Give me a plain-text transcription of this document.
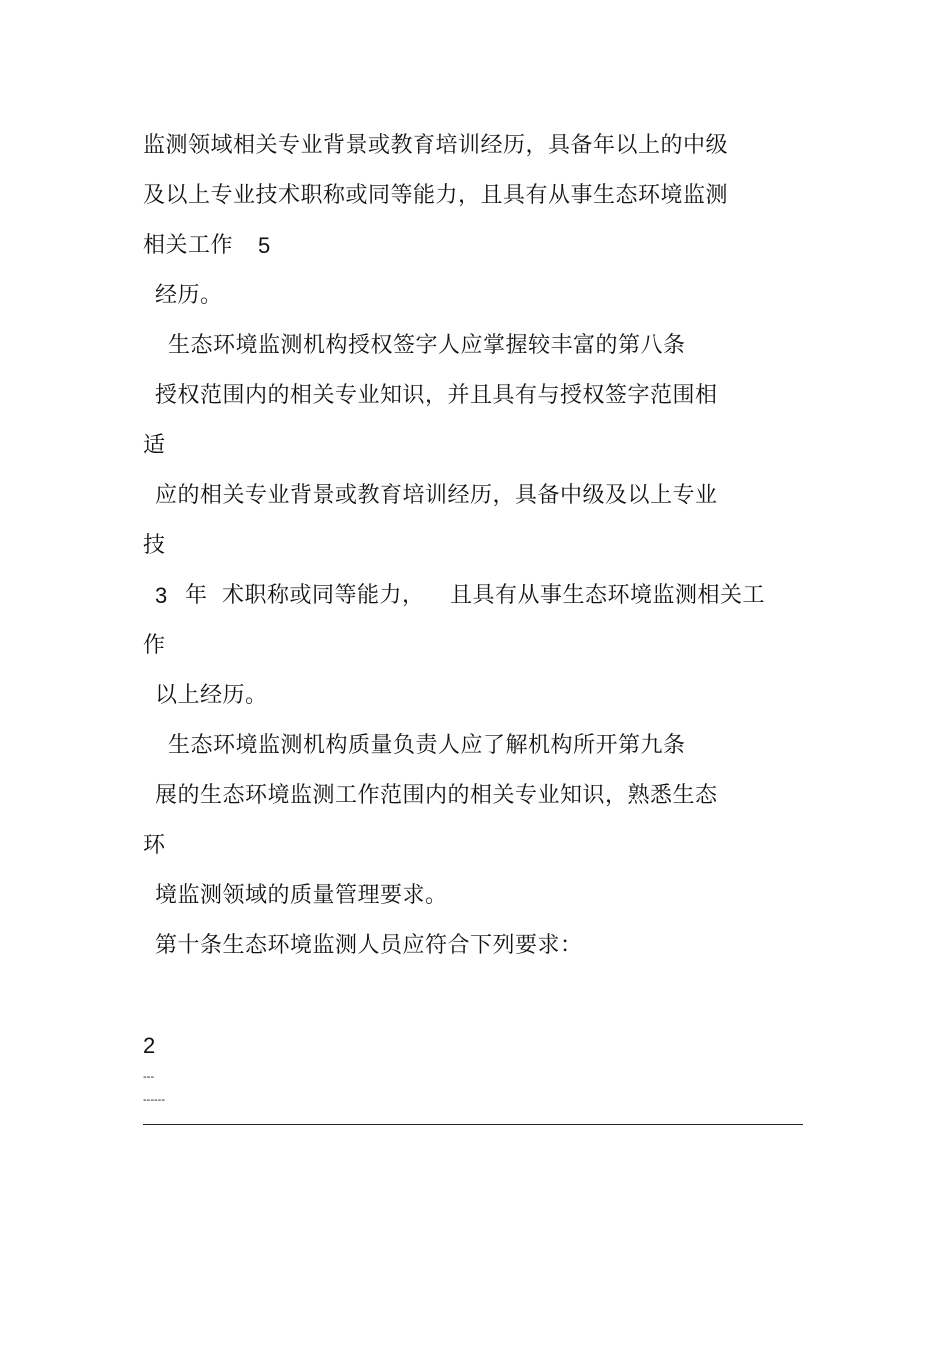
监测领域相关专业背景或教育培训经历，具备年以上的中级
及以上专业技术职称或同等能力，且具有从事生态环境监测
相关工作 5
经历。
生态环境监测机构授权签字人应掌握较丰富的第八条
授权范围内的相关专业知识，并且具有与授权签字范围相
适
应的相关专业背景或教育培训经历，具备中级及以上专业
技
3 年 术职称或同等能力， 且具有从事生态环境监测相关工
作
以上经历。
生态环境监测机构质量负责人应了解机构所开第九条
展的生态环境监测工作范围内的相关专业知识，熟悉生态
环
境监测领域的质量管理要求。
第十条生态环境监测人员应符合下列要求：
2
---
------
